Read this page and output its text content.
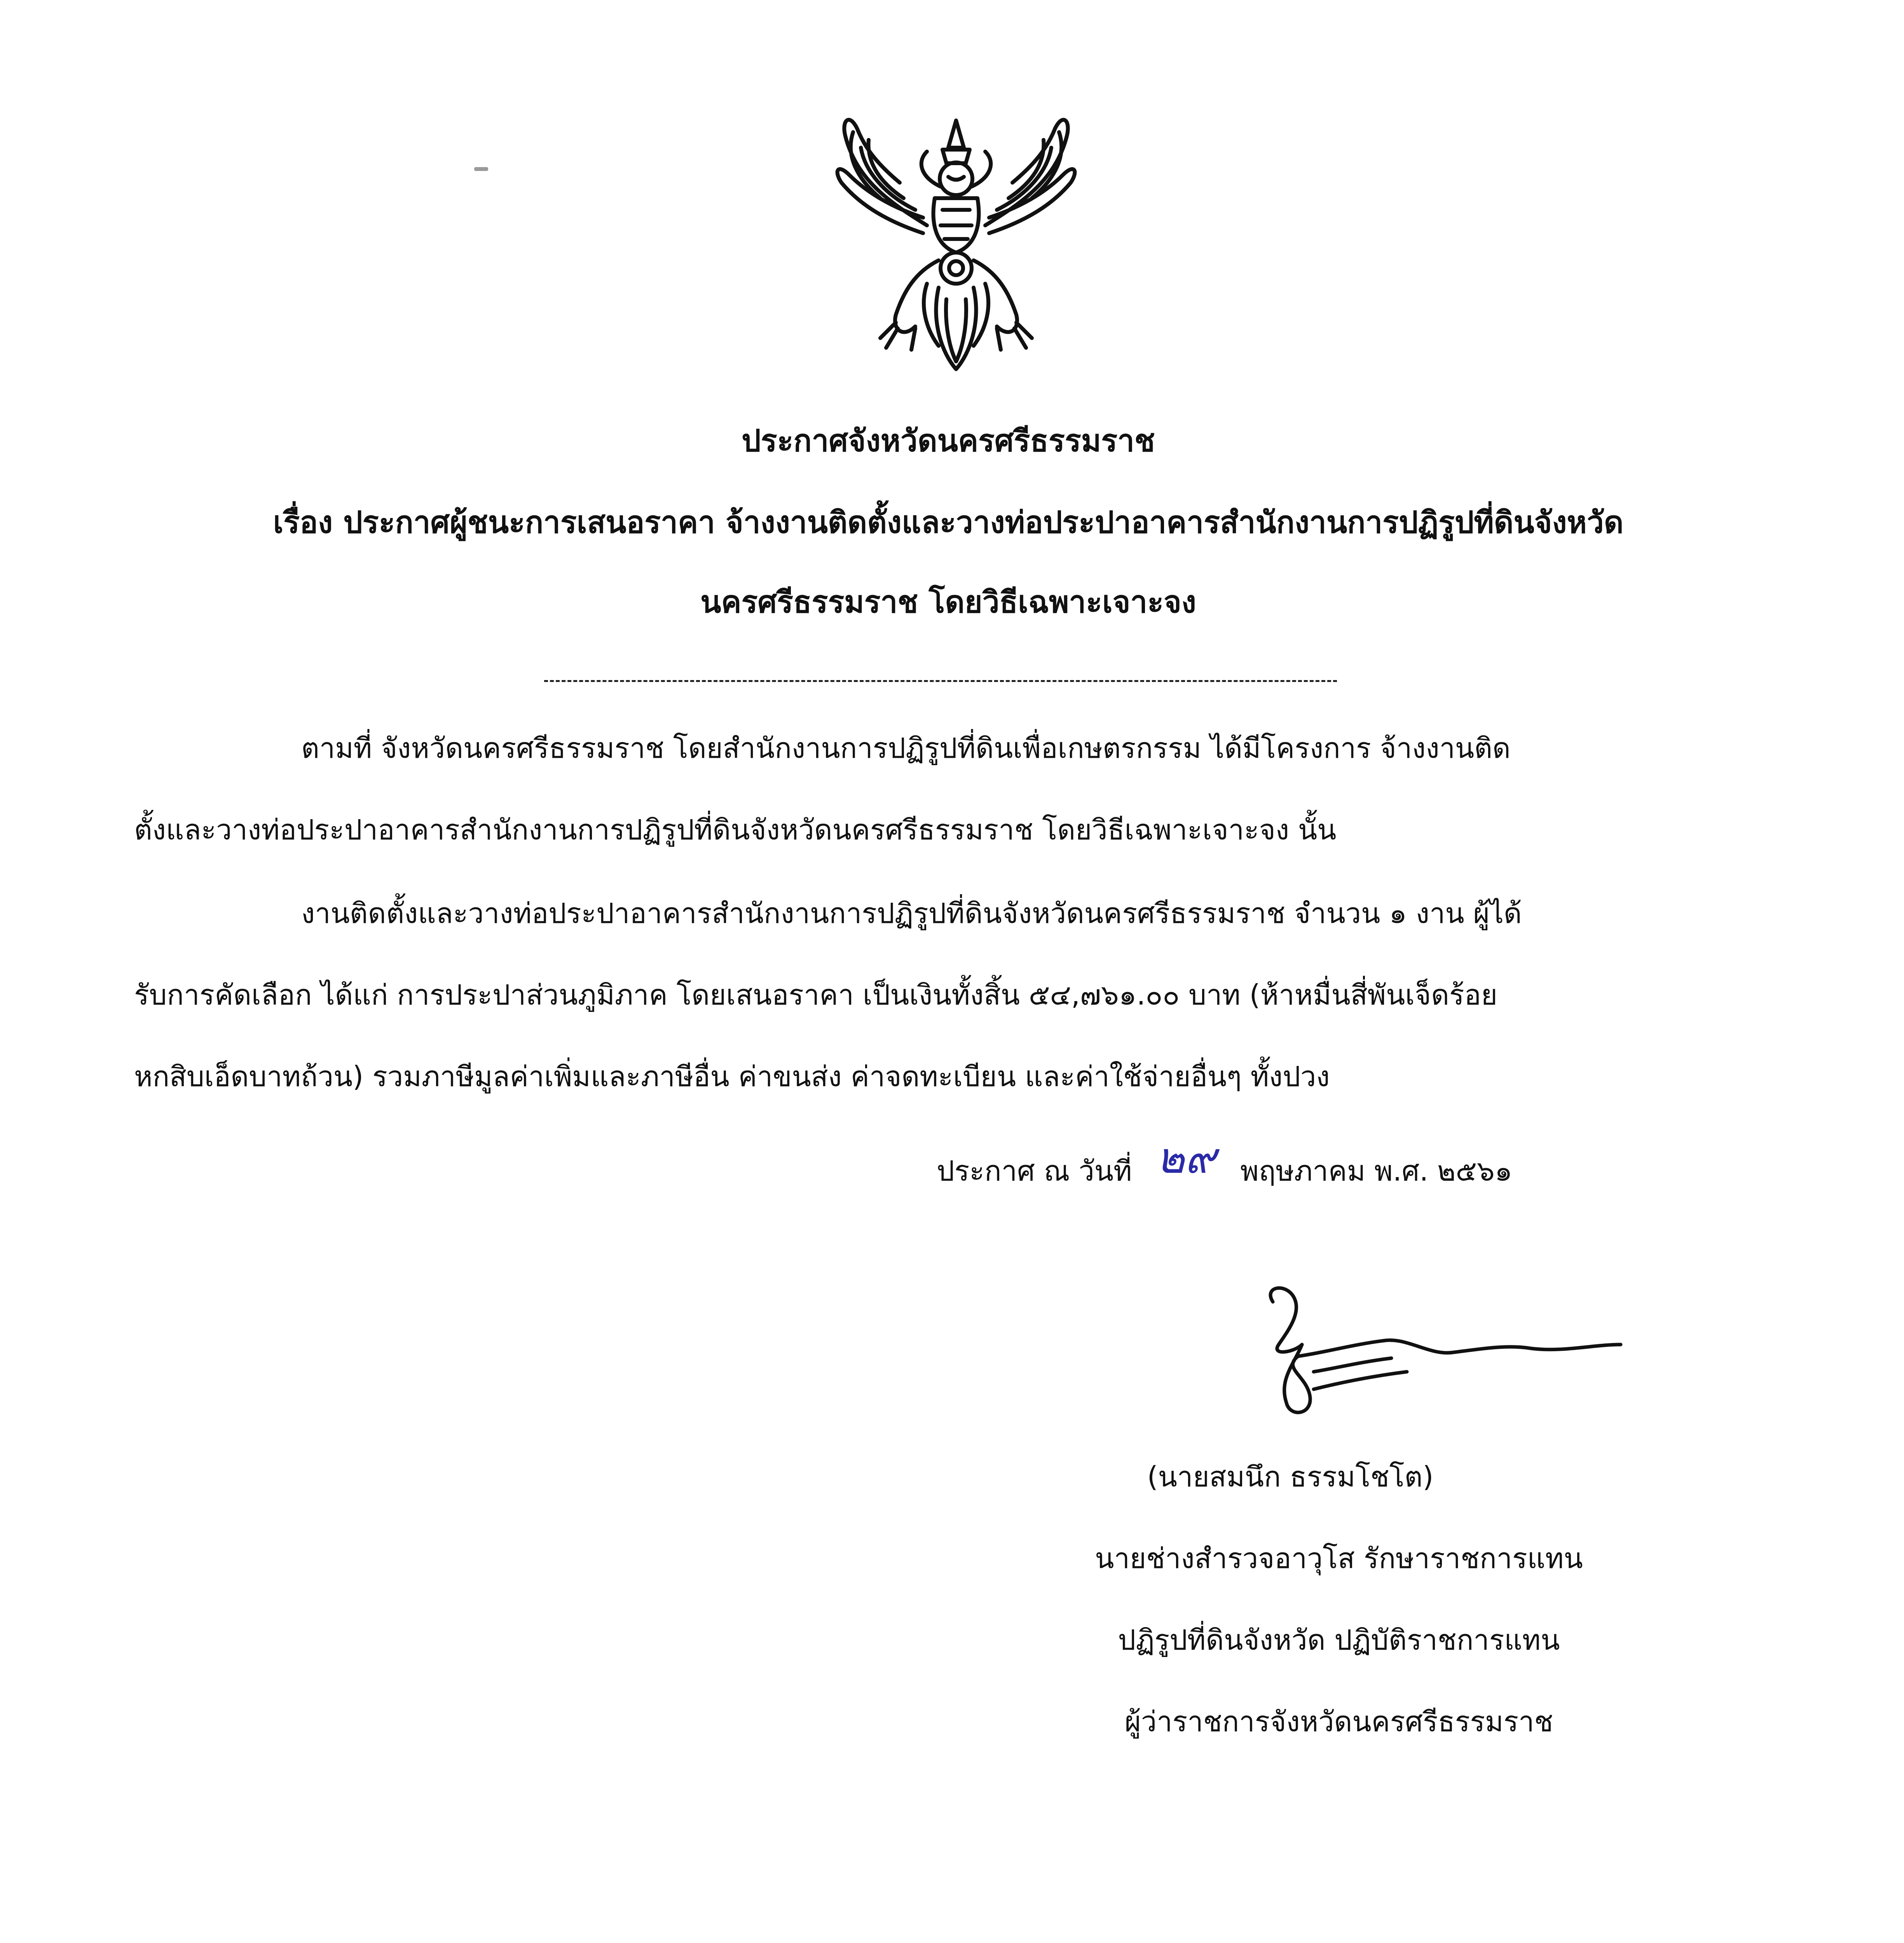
ประกาศจังหวัดนครศรีธรรมราช
เรื่อง ประกาศผู้ชนะการเสนอราคา จ้างงานติดตั้งและวางท่อประปาอาคารสำนักงานการปฏิรูปที่ดินจังหวัด
นครศรีธรรมราช โดยวิธีเฉพาะเจาะจง
ตามที่ จังหวัดนครศรีธรรมราช โดยสำนักงานการปฏิรูปที่ดินเพื่อเกษตรกรรม ได้มีโครงการ จ้างงานติด
ตั้งและวางท่อประปาอาคารสำนักงานการปฏิรูปที่ดินจังหวัดนครศรีธรรมราช โดยวิธีเฉพาะเจาะจง นั้น
งานติดตั้งและวางท่อประปาอาคารสำนักงานการปฏิรูปที่ดินจังหวัดนครศรีธรรมราช จำนวน ๑ งาน ผู้ได้
รับการคัดเลือก ได้แก่ การประปาส่วนภูมิภาค โดยเสนอราคา เป็นเงินทั้งสิ้น ๕๔,๗๖๑.๐๐ บาท (ห้าหมื่นสี่พันเจ็ดร้อย
หกสิบเอ็ดบาทถ้วน) รวมภาษีมูลค่าเพิ่มและภาษีอื่น ค่าขนส่ง ค่าจดทะเบียน และค่าใช้จ่ายอื่นๆ ทั้งปวง
ประกาศ ณ วันที่ ๒๙ พฤษภาคม พ.ศ. ๒๕๖๑
(นายสมนึก ธรรมโชโต)
นายช่างสำรวจอาวุโส รักษาราชการแทน
ปฏิรูปที่ดินจังหวัด ปฏิบัติราชการแทน
ผู้ว่าราชการจังหวัดนครศรีธรรมราช
